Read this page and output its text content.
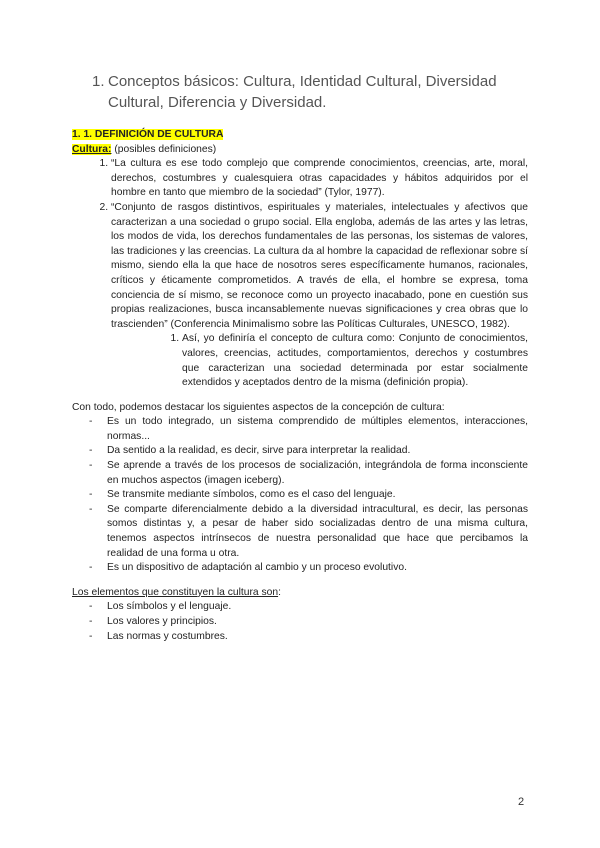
1. Conceptos básicos: Cultura, Identidad Cultural, Diversidad
Cultural, Diferencia y Diversidad.
1. 1. DEFINICIÓN DE CULTURA
Cultura: (posibles definiciones)
1. “La cultura es ese todo complejo que comprende conocimientos, creencias, arte, moral, derechos, costumbres y cualesquiera otras capacidades y hábitos adquiridos por el hombre en tanto que miembro de la sociedad” (Tylor, 1977).
2. “Conjunto de rasgos distintivos, espirituales y materiales, intelectuales y afectivos que caracterizan a una sociedad o grupo social. Ella engloba, además de las artes y las letras, los modos de vida, los derechos fundamentales de las personas, los sistemas de valores, las tradiciones y las creencias. La cultura da al hombre la capacidad de reflexionar sobre sí mismo, siendo ella la que hace de nosotros seres específicamente humanos, racionales, críticos y éticamente comprometidos. A través de ella, el hombre se expresa, toma conciencia de sí mismo, se reconoce como un proyecto inacabado, pone en cuestión sus propias realizaciones, busca incansablemente nuevas significaciones y crea obras que lo trascienden” (Conferencia Minimalismo sobre las Políticas Culturales, UNESCO, 1982).
1. Así, yo definiría el concepto de cultura como: Conjunto de conocimientos, valores, creencias, actitudes, comportamientos, derechos y costumbres que caracterizan una sociedad determinada por estar socialmente extendidos y aceptados dentro de la misma (definición propia).

Con todo, podemos destacar los siguientes aspectos de la concepción de cultura:

- Es un todo integrado, un sistema comprendido de múltiples elementos, interacciones, normas...
- Da sentido a la realidad, es decir, sirve para interpretar la realidad.
- Se aprende a través de los procesos de socialización, integrándola de forma inconsciente en muchos aspectos (imagen iceberg).
- Se transmite mediante símbolos, como es el caso del lenguaje.
- Se comparte diferencialmente debido a la diversidad intracultural, es decir, las personas somos distintas y, a pesar de haber sido socializadas dentro de una misma cultura, tenemos aspectos intrínsecos de nuestra personalidad que hace que percibamos la realidad de una forma u otra.
- Es un dispositivo de adaptación al cambio y un proceso evolutivo.

Los elementos que constituyen la cultura son:

- Los símbolos y el lenguaje.
- Los valores y principios.
- Las normas y costumbres.
2
